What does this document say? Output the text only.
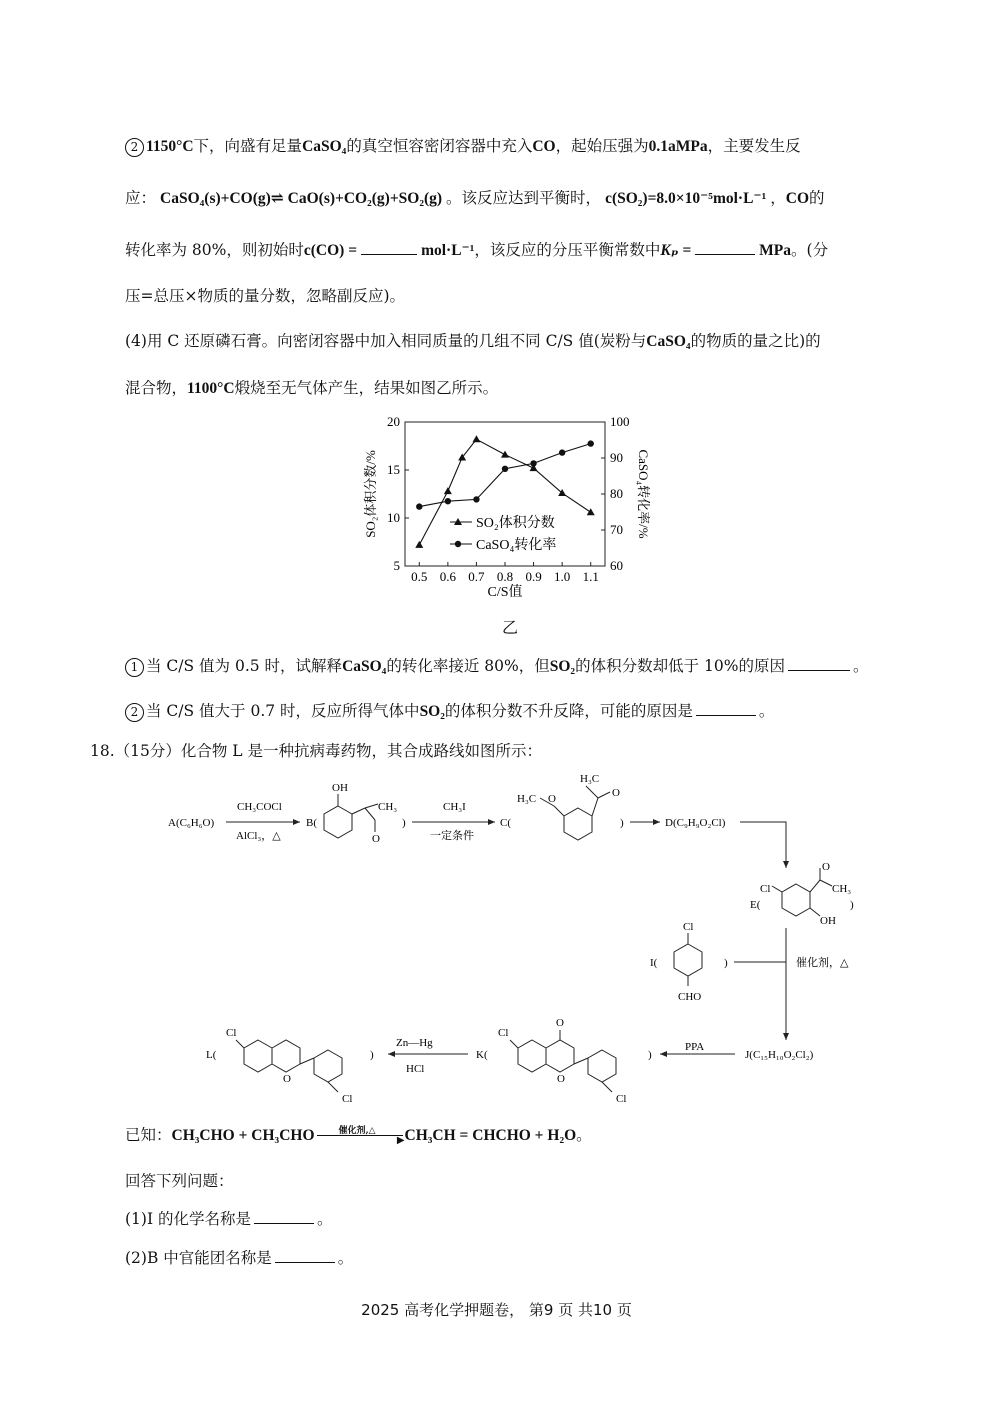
2 1150°C下，向盛有足量CaSO₄的真空恒容密闭容器中充入CO，起始压强为0.1aMPa，主要发生反
应： CaSO₄(s)+CO(g)⇌ CaO(s)+CO₂(g)+SO₂(g) 。该反应达到平衡时， c(SO₂)=8.0×10⁻⁵mol·L⁻¹ ，CO的
转化率为 80%，则初始时c(CO) =	mol·L⁻¹，该反应的分压平衡常数中Kₚ =	MPa。(分
压=总压×物质的量分数，忽略副反应)。
(4)用 C 还原磷石膏。向密闭容器中加入相同质量的几组不同 C/S 值(炭粉与CaSO₄的物质的量之比)的
混合物，1100°C煅烧至无气体产生，结果如图乙所示。
0.5 0.6 0.7 0.8 0.9 1.0 1.1
5
10
15
20
60
70
80
90
100
C/S值
SO₂体积分数/%	CaSO₄转化率/%
SO₂体积分数
CaSO₄转化率
乙
1 当 C/S 值为 0.5 时，试解释CaSO₄的转化率接近 80%，但SO₂的体积分数却低于 10%的原因	。
2 当 C/S 值大于 0.7 时，反应所得气体中SO₂的体积分数不升反降，可能的原因是	。
18.（15分）化合物 L 是一种抗病毒药物，其合成路线如图所示：
A(C₆H₆O)
CH₃COCl
AlCl₃，△
B(
OH
O
CH₃
)
CH₃I
一定条件
C(
H₃C O
H₃C
O
)	D(C₉H₉O₂Cl)
E(
Cl
O
CH₃
OH
)
I(
Cl
CHO
)	催化剂，△
J(C₁₅H₁₀O₂Cl₂)
PPA
)
K(
Cl
O
O
Cl
Zn—Hg
HCl
)
L(
Cl
O
Cl
已知：CH₃CHO + CH₃CHO	催化剂,△
▶ CH₃CH = CHCHO + H₂O。
回答下列问题：
(1)I 的化学名称是	。
(2)B 中官能团名称是	。
2025 高考化学押题卷， 第9 页 共10 页
